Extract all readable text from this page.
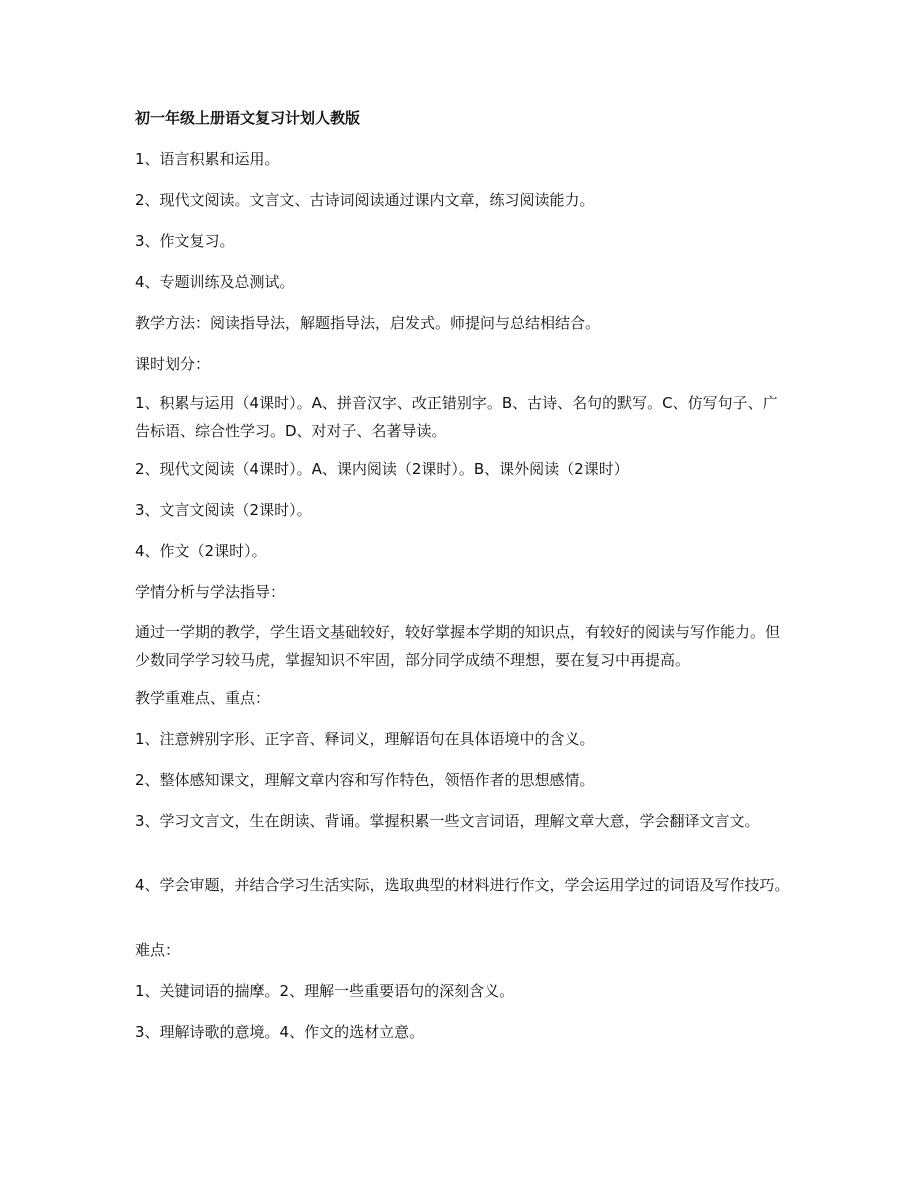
初一年级上册语文复习计划人教版

1、语言积累和运用。

2、现代文阅读。文言文、古诗词阅读通过课内文章，练习阅读能力。

3、作文复习。

4、专题训练及总测试。

教学方法：阅读指导法，解题指导法，启发式。师提问与总结相结合。

课时划分：

1、积累与运用（4课时）。A、拼音汉字、改正错别字。B、古诗、名句的默写。C、仿写句子、广告标语、综合性学习。D、对对子、名著导读。

2、现代文阅读（4课时）。A、课内阅读（2课时）。B、课外阅读（2课时）

3、文言文阅读（2课时）。

4、作文（2课时）。

学情分析与学法指导：

通过一学期的教学，学生语文基础较好，较好掌握本学期的知识点，有较好的阅读与写作能力。但少数同学学习较马虎，掌握知识不牢固，部分同学成绩不理想，要在复习中再提高。

教学重难点、重点：

1、注意辨别字形、正字音、释词义，理解语句在具体语境中的含义。

2、整体感知课文，理解文章内容和写作特色，领悟作者的思想感情。

3、学习文言文，生在朗读、背诵。掌握积累一些文言词语，理解文章大意，学会翻译文言文。

4、学会审题，并结合学习生活实际，选取典型的材料进行作文，学会运用学过的词语及写作技巧。

难点：

1、关键词语的揣摩。2、理解一些重要语句的深刻含义。

3、理解诗歌的意境。4、作文的选材立意。
